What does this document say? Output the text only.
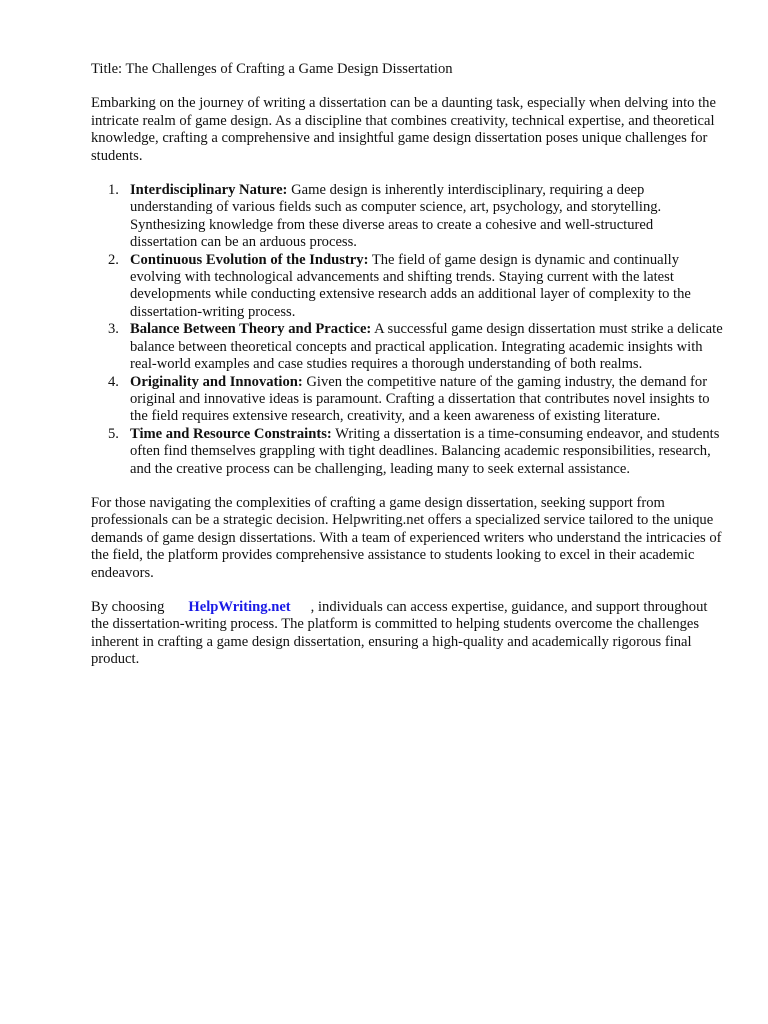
Title: The Challenges of Crafting a Game Design Dissertation

Embarking on the journey of writing a dissertation can be a daunting task, especially when delving into the intricate realm of game design. As a discipline that combines creativity, technical expertise, and theoretical knowledge, crafting a comprehensive and insightful game design dissertation poses unique challenges for students.

1. Interdisciplinary Nature: Game design is inherently interdisciplinary, requiring a deep understanding of various fields such as computer science, art, psychology, and storytelling. Synthesizing knowledge from these diverse areas to create a cohesive and well-structured dissertation can be an arduous process.
2. Continuous Evolution of the Industry: The field of game design is dynamic and continually evolving with technological advancements and shifting trends. Staying current with the latest developments while conducting extensive research adds an additional layer of complexity to the dissertation-writing process.
3. Balance Between Theory and Practice: A successful game design dissertation must strike a delicate balance between theoretical concepts and practical application. Integrating academic insights with real-world examples and case studies requires a thorough understanding of both realms.
4. Originality and Innovation: Given the competitive nature of the gaming industry, the demand for original and innovative ideas is paramount. Crafting a dissertation that contributes novel insights to the field requires extensive research, creativity, and a keen awareness of existing literature.
5. Time and Resource Constraints: Writing a dissertation is a time-consuming endeavor, and students often find themselves grappling with tight deadlines. Balancing academic responsibilities, research, and the creative process can be challenging, leading many to seek external assistance.

For those navigating the complexities of crafting a game design dissertation, seeking support from professionals can be a strategic decision. Helpwriting.net offers a specialized service tailored to the unique demands of game design dissertations. With a team of experienced writers who understand the intricacies of the field, the platform provides comprehensive assistance to students looking to excel in their academic endeavors.

By choosing HelpWriting.net , individuals can access expertise, guidance, and support throughout the dissertation-writing process. The platform is committed to helping students overcome the challenges inherent in crafting a game design dissertation, ensuring a high-quality and academically rigorous final product.
